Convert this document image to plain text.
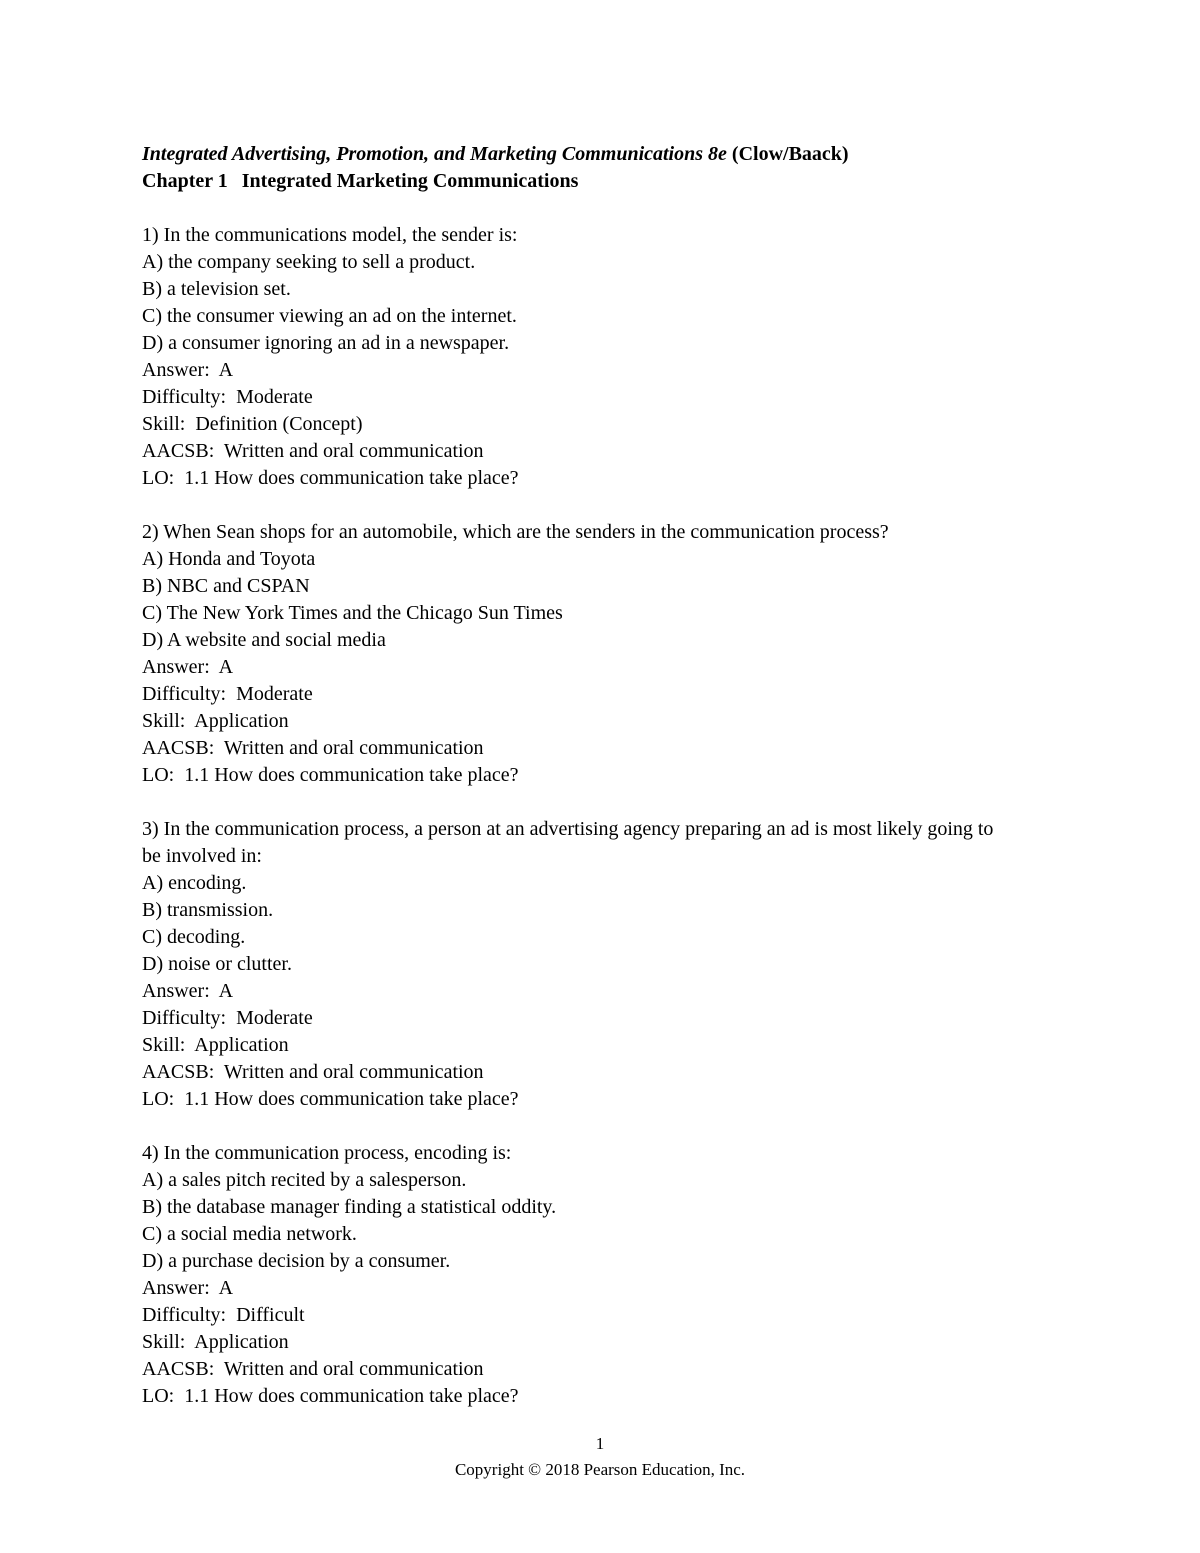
Integrated Advertising, Promotion, and Marketing Communications 8e (Clow/Baack)
Chapter 1 Integrated Marketing Communications
1) In the communications model, the sender is:
A) the company seeking to sell a product.
B) a television set.
C) the consumer viewing an ad on the internet.
D) a consumer ignoring an ad in a newspaper.
Answer:  A
Difficulty:  Moderate
Skill:  Definition (Concept)
AACSB:  Written and oral communication
LO:  1.1 How does communication take place?
2) When Sean shops for an automobile, which are the senders in the communication process?
A) Honda and Toyota
B) NBC and CSPAN
C) The New York Times and the Chicago Sun Times
D) A website and social media
Answer:  A
Difficulty:  Moderate
Skill:  Application
AACSB:  Written and oral communication
LO:  1.1 How does communication take place?
3) In the communication process, a person at an advertising agency preparing an ad is most likely going to be involved in:
A) encoding.
B) transmission.
C) decoding.
D) noise or clutter.
Answer:  A
Difficulty:  Moderate
Skill:  Application
AACSB:  Written and oral communication
LO:  1.1 How does communication take place?
4) In the communication process, encoding is:
A) a sales pitch recited by a salesperson.
B) the database manager finding a statistical oddity.
C) a social media network.
D) a purchase decision by a consumer.
Answer:  A
Difficulty:  Difficult
Skill:  Application
AACSB:  Written and oral communication
LO:  1.1 How does communication take place?
1
Copyright © 2018 Pearson Education, Inc.
